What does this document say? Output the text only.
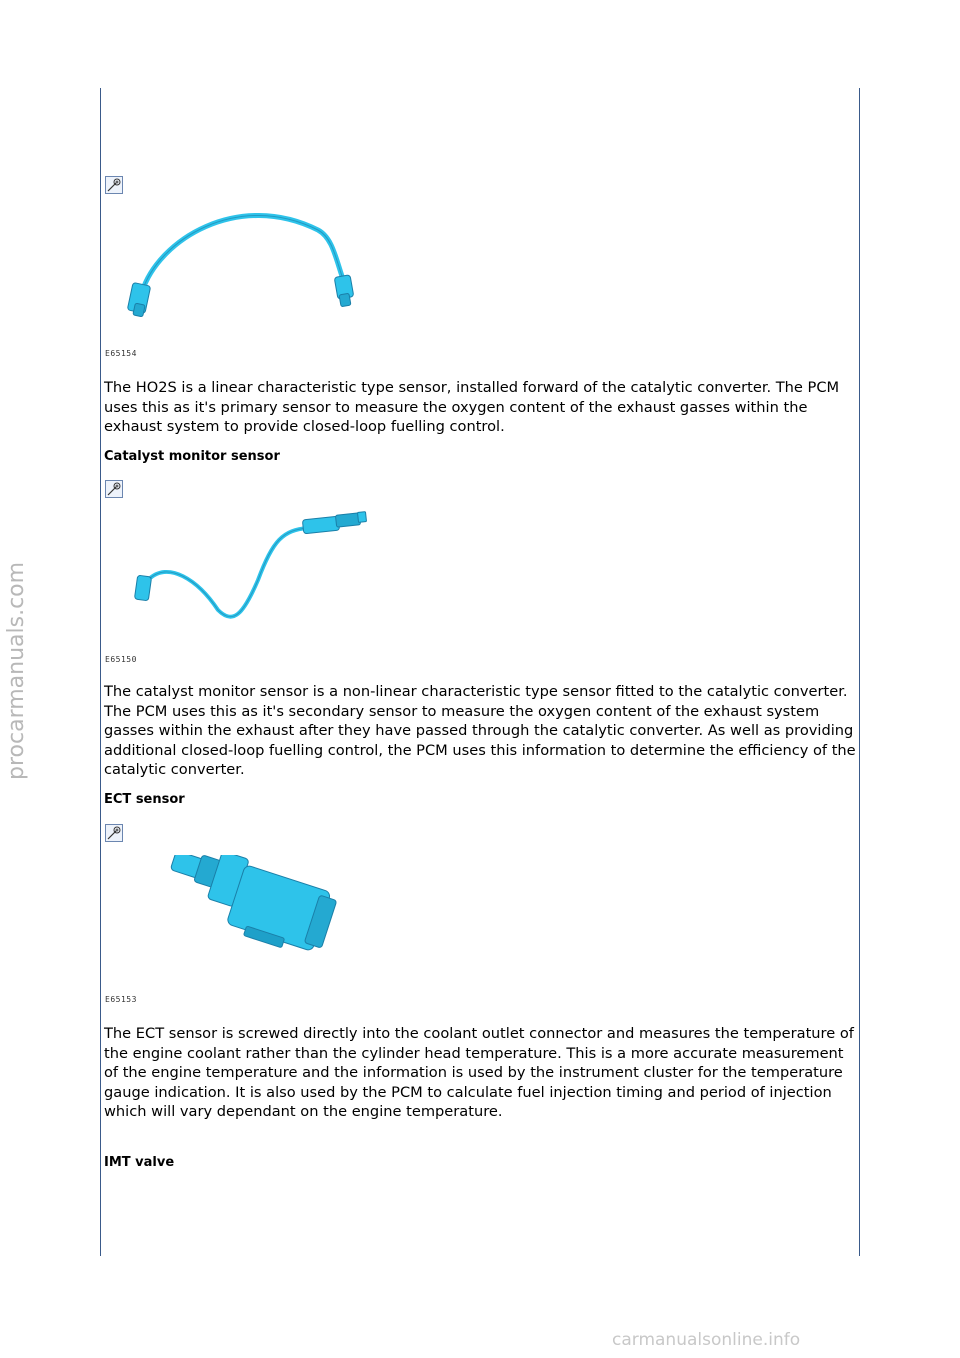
procarmanuals.com
E65154

The HO2S is a linear characteristic type sensor, installed forward of the catalytic converter. The PCM uses this as it's primary sensor to measure the oxygen content of the exhaust gasses within the exhaust system to provide closed-loop fuelling control.

Catalyst monitor sensor
E65150

The catalyst monitor sensor is a non-linear characteristic type sensor fitted to the catalytic converter. The PCM uses this as it's secondary sensor to measure the oxygen content of the exhaust system gasses within the exhaust after they have passed through the catalytic converter. As well as providing additional closed-loop fuelling control, the PCM uses this information to determine the efficiency of the catalytic converter.

ECT sensor
E65153

The ECT sensor is screwed directly into the coolant outlet connector and measures the temperature of the engine coolant rather than the cylinder head temperature. This is a more accurate measurement of the engine temperature and the information is used by the instrument cluster for the temperature gauge indication. It is also used by the PCM to calculate fuel injection timing and period of injection which will vary dependant on the engine temperature.

IMT valve
carmanualsonline.info
